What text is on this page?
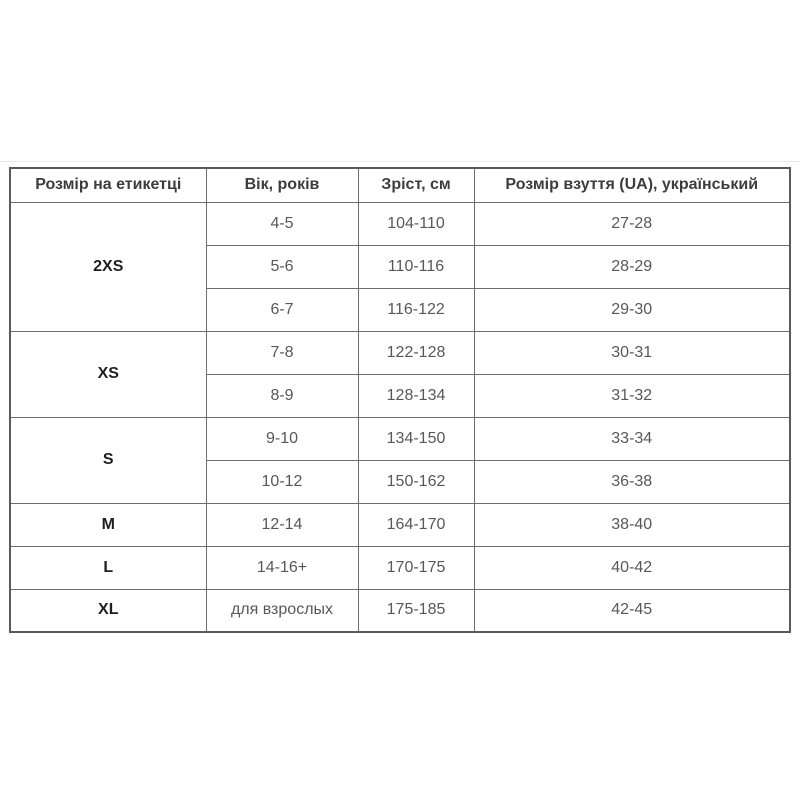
Розмір на етикетці	Вік, років	Зріст, см	Розмір взуття (UA), український
2XS	4-5	104-110	27-28
	5-6	110-116	28-29
	6-7	116-122	29-30
XS	7-8	122-128	30-31
	8-9	128-134	31-32
S	9-10	134-150	33-34
	10-12	150-162	36-38
M	12-14	164-170	38-40
L	14-16+	170-175	40-42
XL	для взрослых	175-185	42-45
